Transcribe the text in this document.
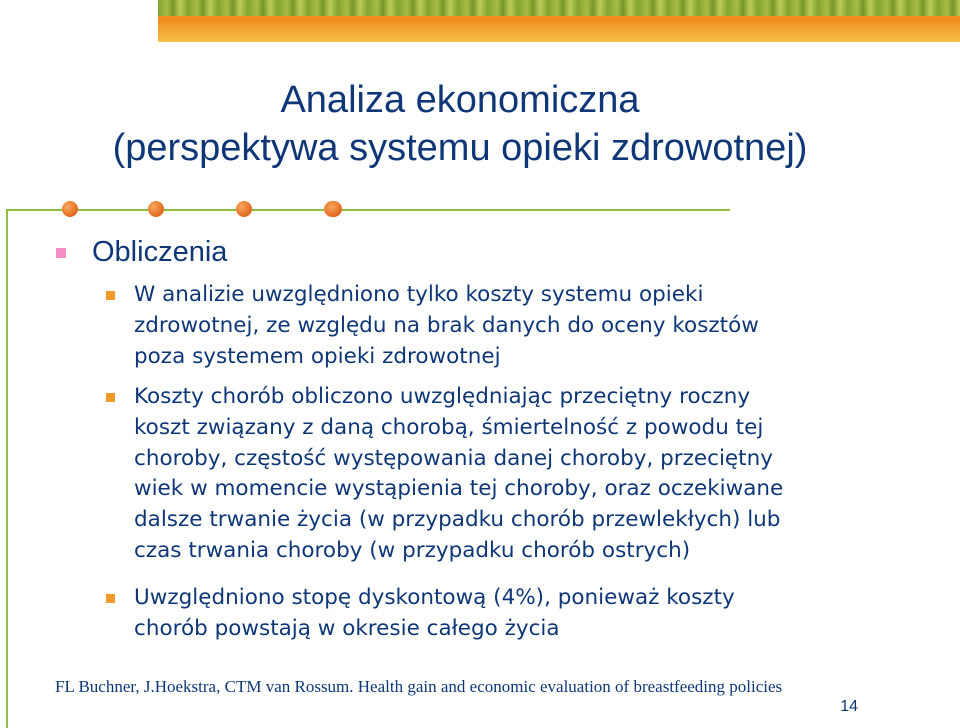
Analiza ekonomiczna
(perspektywa systemu opieki zdrowotnej)
Obliczenia

W analizie uwzględniono tylko koszty systemu opieki
zdrowotnej, ze względu na brak danych do oceny kosztów
poza systemem opieki zdrowotnej

Koszty chorób obliczono uwzględniając przeciętny roczny
koszt związany z daną chorobą, śmiertelność z powodu tej
choroby, częstość występowania danej choroby, przeciętny
wiek w momencie wystąpienia tej choroby, oraz oczekiwane
dalsze trwanie życia (w przypadku chorób przewlekłych) lub
czas trwania choroby (w przypadku chorób ostrych)

Uwzględniono stopę dyskontową (4%), ponieważ koszty
chorób powstają w okresie całego życia

FL Buchner, J.Hoekstra, CTM van Rossum. Health gain and economic evaluation of breastfeeding policies
14
